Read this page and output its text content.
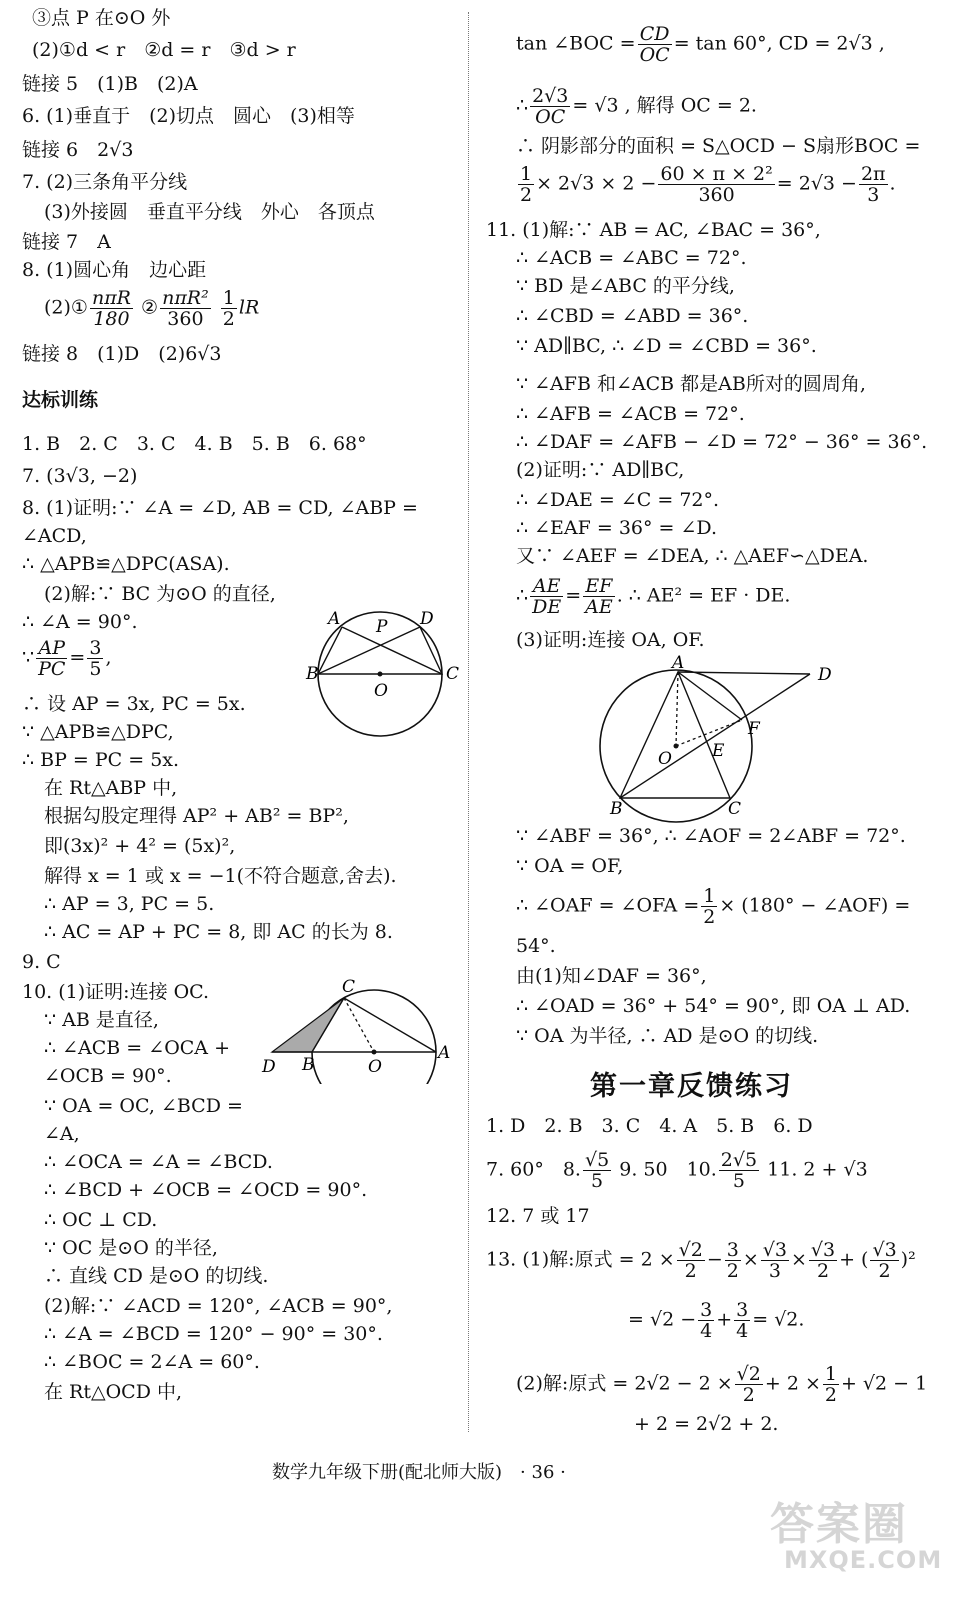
③点 P 在⊙O 外
(2)①d < r　②d = r　③d > r
链接 5　(1)B　(2)A
6. (1)垂直于　(2)切点　圆心　(3)相等
链接 6　2√3
7. (2)三条角平分线
(3)外接圆　垂直平分线　外心　各顶点
链接 7　A
8. (1)圆心角　边心距
(2)① nπR
180
② nπR²
360
$\frac{1}{2}$ lR
链接 8　(1)D　(2)6√3
达标训练
1. B　2. C　3. C　4. B　5. B　6. 68°
7. (3√3, −2)
8. (1)证明:∵ ∠A = ∠D, AB = CD, ∠ABP =
∠ACD,
∴ △APB≌△DPC(ASA).
(2)解:∵ BC 为⊙O 的直径,
∴ ∠A = 90°.
∵ $\frac{AP}{PC} = \frac{3}{5}$ ,
∴ 设 AP = 3x, PC = 5x.
∵ △APB≌△DPC,
∴ BP = PC = 5x.
在 Rt△ABP 中,
根据勾股定理得 AP² + AB² = BP²,
即(3x)² + 4² = (5x)²,
解得 x = 1 或 x = −1(不符合题意,舍去).
∴ AP = 3, PC = 5.
∴ AC = AP + PC = 8, 即 AC 的长为 8.
9. C
10. (1)证明:连接 OC.
∵ AB 是直径,
∴ ∠ACB = ∠OCA +
∠OCB = 90°.
∵ OA = OC, ∠BCD =
∠A,
∴ ∠OCA = ∠A = ∠BCD.
∴ ∠BCD + ∠OCB = ∠OCD = 90°.
∴ OC ⊥ CD.
∵ OC 是⊙O 的半径,
∴ 直线 CD 是⊙O 的切线.
(2)解:∵ ∠ACD = 120°, ∠ACB = 90°,
∴ ∠A = ∠BCD = 120° − 90° = 30°.
∴ ∠BOC = 2∠A = 60°.
在 Rt△OCD 中,
A P D
B
O
C
C
D B	O
A
tan ∠BOC = $\frac{CD}{OC} = \tan 60^\circ$, CD = 2√3 ,
∴ $\frac{2√3}{OC} = √3$ , 解得 OC = 2.
∴ 阴影部分的面积 = S△OCD − S扇形BOC =
$\frac{1}{2} \times 2√3 \times 2 - \frac{\text{60 × π × 2²}}{360} = 2√3 - \frac{2\pi}{3}$ .
11. (1)解:∵ AB = AC, ∠BAC = 36°,
∴ ∠ACB = ∠ABC = 72°.
∵ BD 是∠ABC 的平分线,
∴ ∠CBD = ∠ABD = 36°.
∵ AD∥BC, ∴ ∠D = ∠CBD = 36°.
∵ ∠AFB 和∠ACB 都是AB所对的圆周角,
∴ ∠AFB = ∠ACB = 72°.
∴ ∠DAF = ∠AFB − ∠D = 72° − 36° = 36°.
(2)证明:∵ AD∥BC,
∴ ∠DAE = ∠C = 72°.
∴ ∠EAF = 36° = ∠D.
又∵ ∠AEF = ∠DEA, ∴ △AEF∽△DEA.
∴ $\frac{AE}{DE} = \frac{EF}{AE}$ . ∴ AE² = EF · DE.
(3)证明:连接 OA, OF.
∵ ∠ABF = 36°, ∴ ∠AOF = 2∠ABF = 72°.
∵ OA = OF,
∴ ∠OAF = ∠OFA = $\frac{1}{2} \times (180^\circ$ − ∠AOF) =
54°.
由(1)知∠DAF = 36°,
∴ ∠OAD = 36° + 54° = 90°, 即 OA ⊥ AD.
∵ OA 为半径, ∴ AD 是⊙O 的切线.
第一章反馈练习
1. D　2. B　3. C　4. A　5. B　6. D
7. 60°　8. $\frac{√5}{5} 9$. 50　10. $\frac{2√5}{5} 11$. 2 + √3
12. 7 或 17
13. (1)解:原式 = $2 \times \frac{√2}{2} - \frac{3}{2} \times \frac{√3}{3} \times \frac{√3}{2}$ + ( $\frac{√3}{2} )^2$
= $√2 - \frac{3}{4} + \frac{3}{4} = √2$.
(2)解:原式 = $2√2 - 2 \times \frac{√2}{2} + 2 \times \frac{1}{2} + √2 - 1$
+ 2 = 2√2 + 2.
A
D
F
E
O
B	C
数学九年级下册(配北师大版)　· 36 ·
答案圈
MXQE.COM
